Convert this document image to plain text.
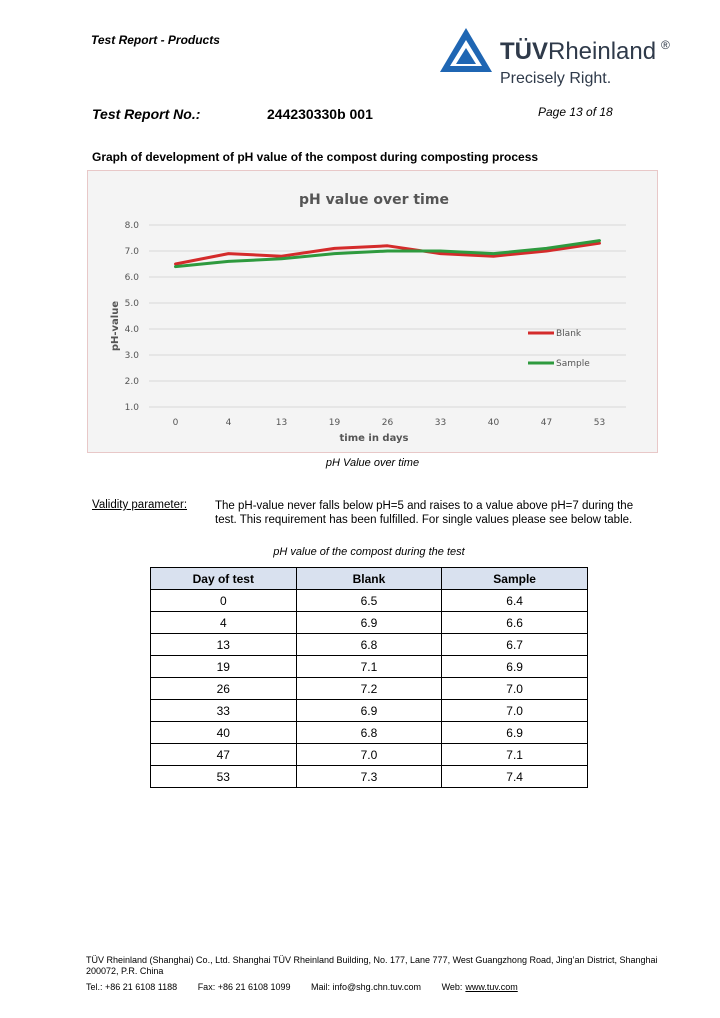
Test Report - Products	TÜVRheinland ®
Precisely Right.
Test Report No.:	244230330b 001	Page 13 of 18
Graph of development of pH value of the compost during composting process
pH value over time
8.0
7.0
6.0
5.0
4.0
3.0
2.0
1.0
0	4	13	19	26	33	40	47	53
time in days
pH-value	Blank
Sample
pH Value over time
Validity parameter: The pH-value never falls below pH=5 and raises to a value above pH=7 during the test. This requirement has been fulfilled. For single values please see below table.
pH value of the compost during the test
Day of test	Blank	Sample
0	6.5	6.4
4	6.9	6.6
13	6.8	6.7
19	7.1	6.9
26	7.2	7.0
33	6.9	7.0
40	6.8	6.9
47	7.0	7.1
53	7.3	7.4
TÜV Rheinland (Shanghai) Co., Ltd. Shanghai TÜV Rheinland Building, No. 177, Lane 777, West Guangzhong Road, Jing’an District, Shanghai 200072, P.R. China
Tel.: +86 21 6108 1188 Fax: +86 21 6108 1099 Mail: info@shg.chn.tuv.com Web: www.tuv.com
